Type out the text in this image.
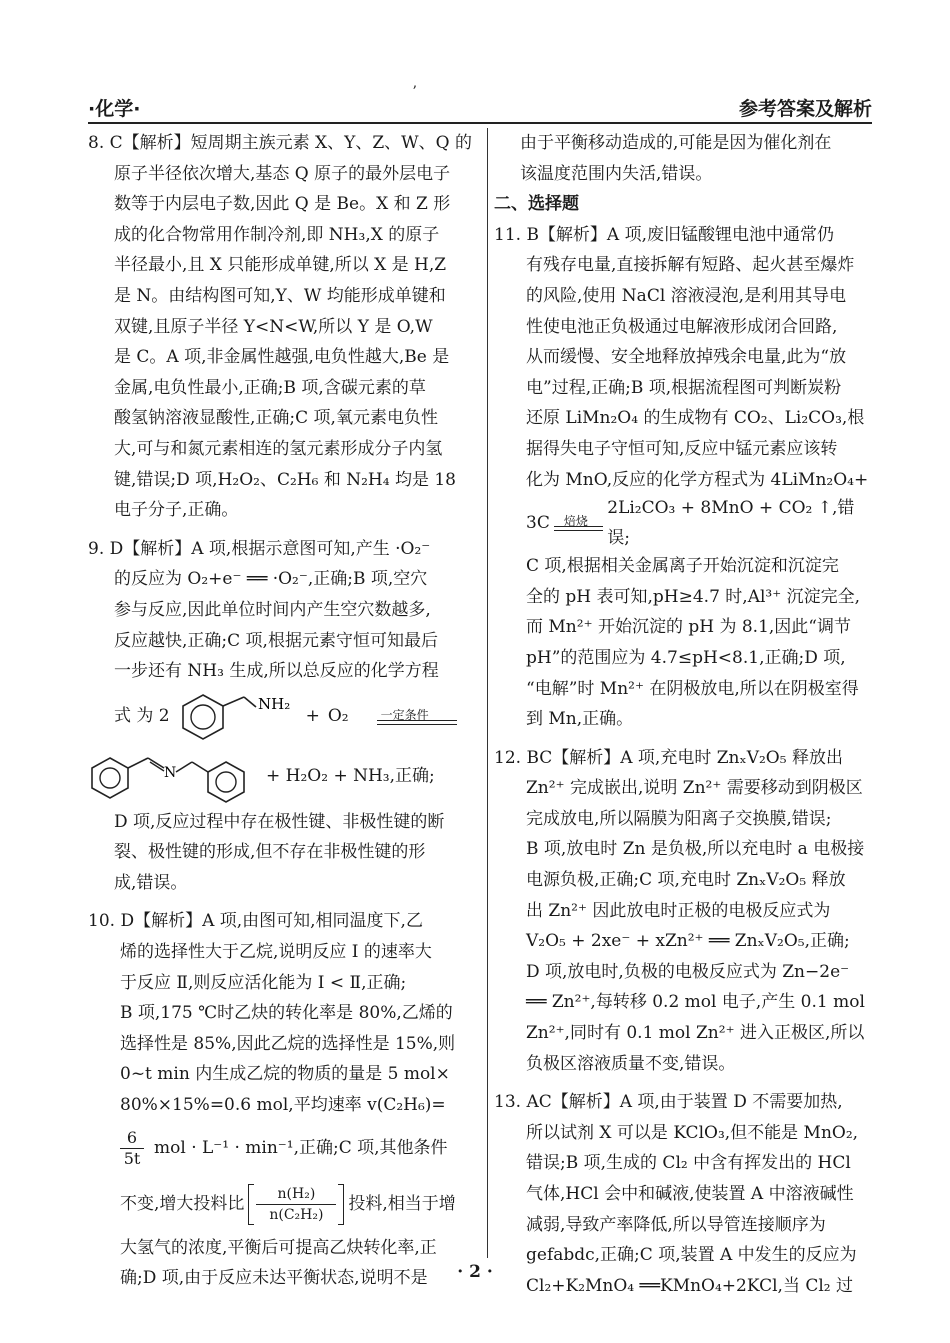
·化学·	参考答案及解析
ʼ
8. C【解析】短周期主族元素 X、Y、Z、W、Q 的
原子半径依次增大,基态 Q 原子的最外层电子
数等于内层电子数,因此 Q 是 Be。X 和 Z 形
成的化合物常用作制冷剂,即 NH₃,X 的原子
半径最小,且 X 只能形成单键,所以 X 是 H,Z
是 N。由结构图可知,Y、W 均能形成单键和
双键,且原子半径 Y<N<W,所以 Y 是 O,W
是 C。A 项,非金属性越强,电负性越大,Be 是
金属,电负性最小,正确;B 项,含碳元素的草
酸氢钠溶液显酸性,正确;C 项,氧元素电负性
大,可与和氮元素相连的氢元素形成分子内氢
键,错误;D 项,H₂O₂、C₂H₆ 和 N₂H₄ 均是 18
电子分子,正确。
9. D【解析】A 项,根据示意图可知,产生 ·O₂⁻
的反应为 O₂+e⁻ ══ ·O₂⁻,正确;B 项,空穴
参与反应,因此单位时间内产生空穴数越多,
反应越快,正确;C 项,根据元素守恒可知最后
一步还有 NH₃ 生成,所以总反应的化学方程
式 为 2
NH₂
+ O₂	一定条件
N	+ H₂O₂ + NH₃,正确;
D 项,反应过程中存在极性键、非极性键的断
裂、极性键的形成,但不存在非极性键的形
成,错误。
10. D【解析】A 项,由图可知,相同温度下,乙
烯的选择性大于乙烷,说明反应 Ⅰ 的速率大
于反应 Ⅱ,则反应活化能为 Ⅰ < Ⅱ,正确;
B 项,175 ℃时乙炔的转化率是 80%,乙烯的
选择性是 85%,因此乙烷的选择性是 15%,则
0~t min 内生成乙烷的物质的量是 5 mol×
80%×15%=0.6 mol,平均速率 v(C₂H₆)=
6
5t
mol · L⁻¹ · min⁻¹,正确;C 项,其他条件
不变,增大投料比
n(H₂)
n(C₂H₂)
投料,相当于增
大氢气的浓度,平衡后可提高乙炔转化率,正
确;D 项,由于反应未达平衡状态,说明不是
由于平衡移动造成的,可能是因为催化剂在
该温度范围内失活,错误。
二、选择题
11. B【解析】A 项,废旧锰酸锂电池中通常仍
有残存电量,直接拆解有短路、起火甚至爆炸
的风险,使用 NaCl 溶液浸泡,是利用其导电
性使电池正负极通过电解液形成闭合回路,
从而缓慢、安全地释放掉残余电量,此为“放
电”过程,正确;B 项,根据流程图可判断炭粉
还原 LiMn₂O₄ 的生成物有 CO₂、Li₂CO₃,根
据得失电子守恒可知,反应中锰元素应该转
化为 MnO,反应的化学方程式为 4LiMn₂O₄+
3C 焙烧
2Li₂CO₃ + 8MnO + CO₂ ↑,错误;
C 项,根据相关金属离子开始沉淀和沉淀完
全的 pH 表可知,pH≥4.7 时,Al³⁺ 沉淀完全,
而 Mn²⁺ 开始沉淀的 pH 为 8.1,因此“调节
pH”的范围应为 4.7≤pH<8.1,正确;D 项,
“电解”时 Mn²⁺ 在阴极放电,所以在阴极室得
到 Mn,正确。
12. BC【解析】A 项,充电时 ZnₓV₂O₅ 释放出
Zn²⁺ 完成嵌出,说明 Zn²⁺ 需要移动到阴极区
完成放电,所以隔膜为阳离子交换膜,错误;
B 项,放电时 Zn 是负极,所以充电时 a 电极接
电源负极,正确;C 项,充电时 ZnₓV₂O₅ 释放
出 Zn²⁺ 因此放电时正极的电极反应式为
V₂O₅ + 2xe⁻ + xZn²⁺ ══ ZnₓV₂O₅,正确;
D 项,放电时,负极的电极反应式为 Zn−2e⁻
══ Zn²⁺,每转移 0.2 mol 电子,产生 0.1 mol
Zn²⁺,同时有 0.1 mol Zn²⁺ 进入正极区,所以
负极区溶液质量不变,错误。
13. AC【解析】A 项,由于装置 D 不需要加热,
所以试剂 X 可以是 KClO₃,但不能是 MnO₂,
错误;B 项,生成的 Cl₂ 中含有挥发出的 HCl
气体,HCl 会中和碱液,使装置 A 中溶液碱性
减弱,导致产率降低,所以导管连接顺序为
gefabdc,正确;C 项,装置 A 中发生的反应为
Cl₂+K₂MnO₄ ══KMnO₄+2KCl,当 Cl₂ 过
· 2 ·
